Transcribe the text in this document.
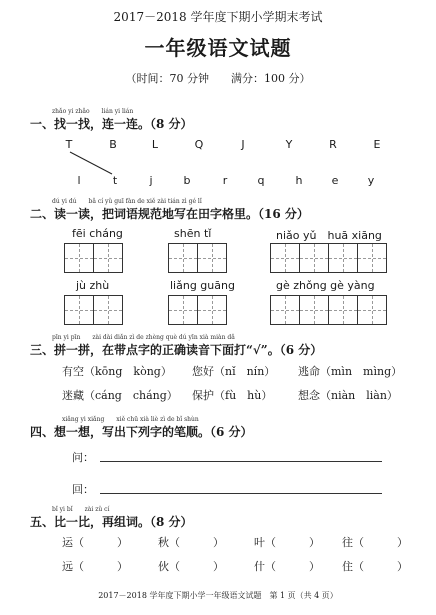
2017－2018 学年度下期小学期末考试
一年级语文试题
（时间：70 分钟　　满分：100 分）
zhǎo yi zhǎo　　lián yi lián
一、找一找，连一连。（8 分）
T	B	L	Q	J	Y	R	E
l	t	j	b	r	q	h	e	y
dú yi dú　　bǎ cí yǔ guī fàn de xiě zài tián zì gé lǐ
二、读一读，把词语规范地写在田字格里。（16 分）
fēi cháng	shēn tǐ	niǎo yǔ　huā xiāng
jù zhù	liǎng guāng	gè zhǒng gè yàng
pīn yi pīn　　zài dài diǎn zì de zhèng què dú yīn xià miàn dǎ
三、拼一拼，在带点字的正确读音下面打“√”。（6 分）
有空（kōng　kòng） 您好（nǐ　nín） 逃命（mìn　mìng）
迷藏（cáng　cháng） 保护（fù　hù） 想念（niàn　liàn）
xiǎng yi xiǎng　　xiě chū xià liè zì de bǐ shùn
四、想一想，写出下列字的笔顺。（6 分）
问：
回：
bǐ yi bǐ　　zài zǔ cí
五、比一比，再组词。（8 分）
运（　　　）	秋（　　　）	叶（　　　） 往（　　　）
远（　　　）	伙（　　　）	什（　　　） 住（　　　）
2017－2018 学年度下期小学一年级语文试题　第 1 页（共 4 页）
